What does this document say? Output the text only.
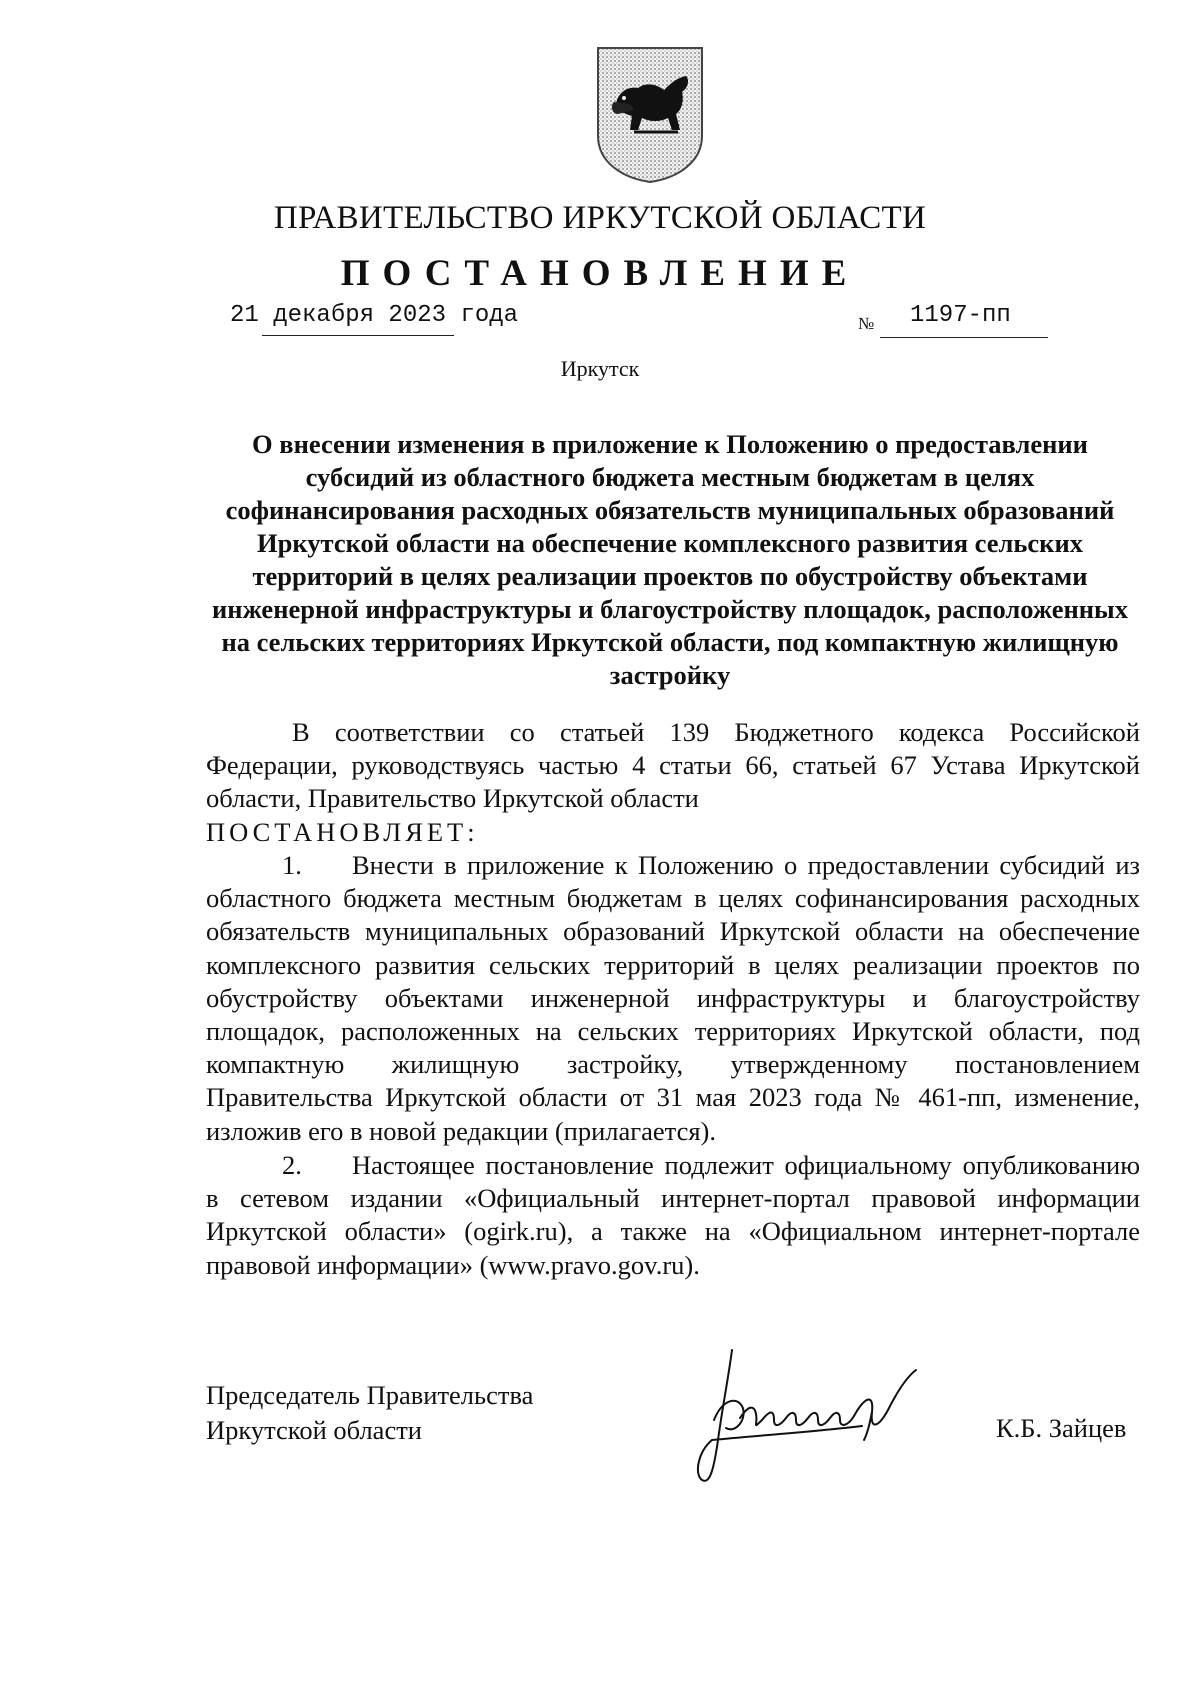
ПРАВИТЕЛЬСТВО ИРКУТСКОЙ ОБЛАСТИ
ПОСТАНОВЛЕНИЕ
21 декабря 2023 года	№ 1197-пп
Иркутск
О внесении изменения в приложение к Положению о предоставлении субсидий из областного бюджета местным бюджетам в целях софинансирования расходных обязательств муниципальных образований Иркутской области на обеспечение комплексного развития сельских территорий в целях реализации проектов по обустройству объектами инженерной инфраструктуры и благоустройству площадок, расположенных на сельских территориях Иркутской области, под компактную жилищную застройку
В соответствии со статьей 139 Бюджетного кодекса Российской Федерации, руководствуясь частью 4 статьи 66, статьей 67 Устава Иркутской области, Правительство Иркутской области
ПОСТАНОВЛЯЕТ:
1. Внести в приложение к Положению о предоставлении субсидий из областного бюджета местным бюджетам в целях софинансирования расходных обязательств муниципальных образований Иркутской области на обеспечение комплексного развития сельских территорий в целях реализации проектов по обустройству объектами инженерной инфраструктуры и благоустройству площадок, расположенных на сельских территориях Иркутской области, под компактную жилищную застройку, утвержденному постановлением Правительства Иркутской области от 31 мая 2023 года № 461-пп, изменение, изложив его в новой редакции (прилагается).
2. Настоящее постановление подлежит официальному опубликованию в сетевом издании «Официальный интернет-портал правовой информации Иркутской области» (ogirk.ru), а также на «Официальном интернет-портале правовой информации» (www.pravo.gov.ru).
Председатель Правительства
Иркутской области	К.Б. Зайцев
